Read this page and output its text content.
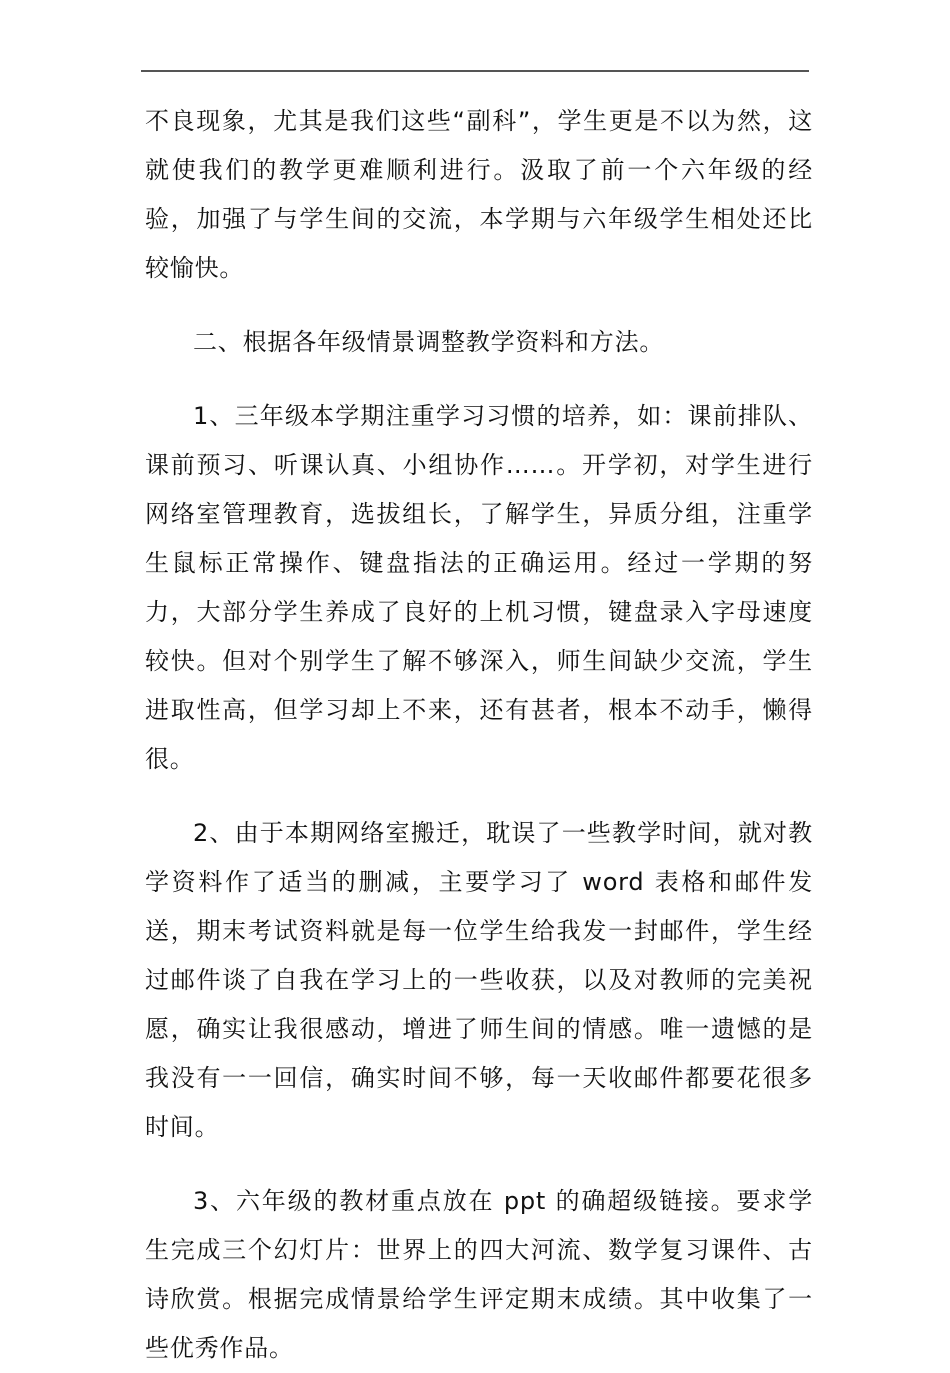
不良现象，尤其是我们这些“副科”，学生更是不以为然，这就使我们的教学更难顺利进行。汲取了前一个六年级的经验，加强了与学生间的交流，本学期与六年级学生相处还比较愉快。

二、根据各年级情景调整教学资料和方法。

1、三年级本学期注重学习习惯的培养，如：课前排队、课前预习、听课认真、小组协作……。开学初，对学生进行网络室管理教育，选拔组长，了解学生，异质分组，注重学生鼠标正常操作、键盘指法的正确运用。经过一学期的努力，大部分学生养成了良好的上机习惯，键盘录入字母速度较快。但对个别学生了解不够深入，师生间缺少交流，学生进取性高，但学习却上不来，还有甚者，根本不动手，懒得很。

2、由于本期网络室搬迁，耽误了一些教学时间，就对教学资料作了适当的删减，主要学习了 word 表格和邮件发送，期末考试资料就是每一位学生给我发一封邮件，学生经过邮件谈了自我在学习上的一些收获，以及对教师的完美祝愿，确实让我很感动，增进了师生间的情感。唯一遗憾的是我没有一一回信，确实时间不够，每一天收邮件都要花很多时间。

3、六年级的教材重点放在 ppt 的确超级链接。要求学生完成三个幻灯片：世界上的四大河流、数学复习课件、古诗欣赏。根据完成情景给学生评定期末成绩。其中收集了一些优秀作品。
